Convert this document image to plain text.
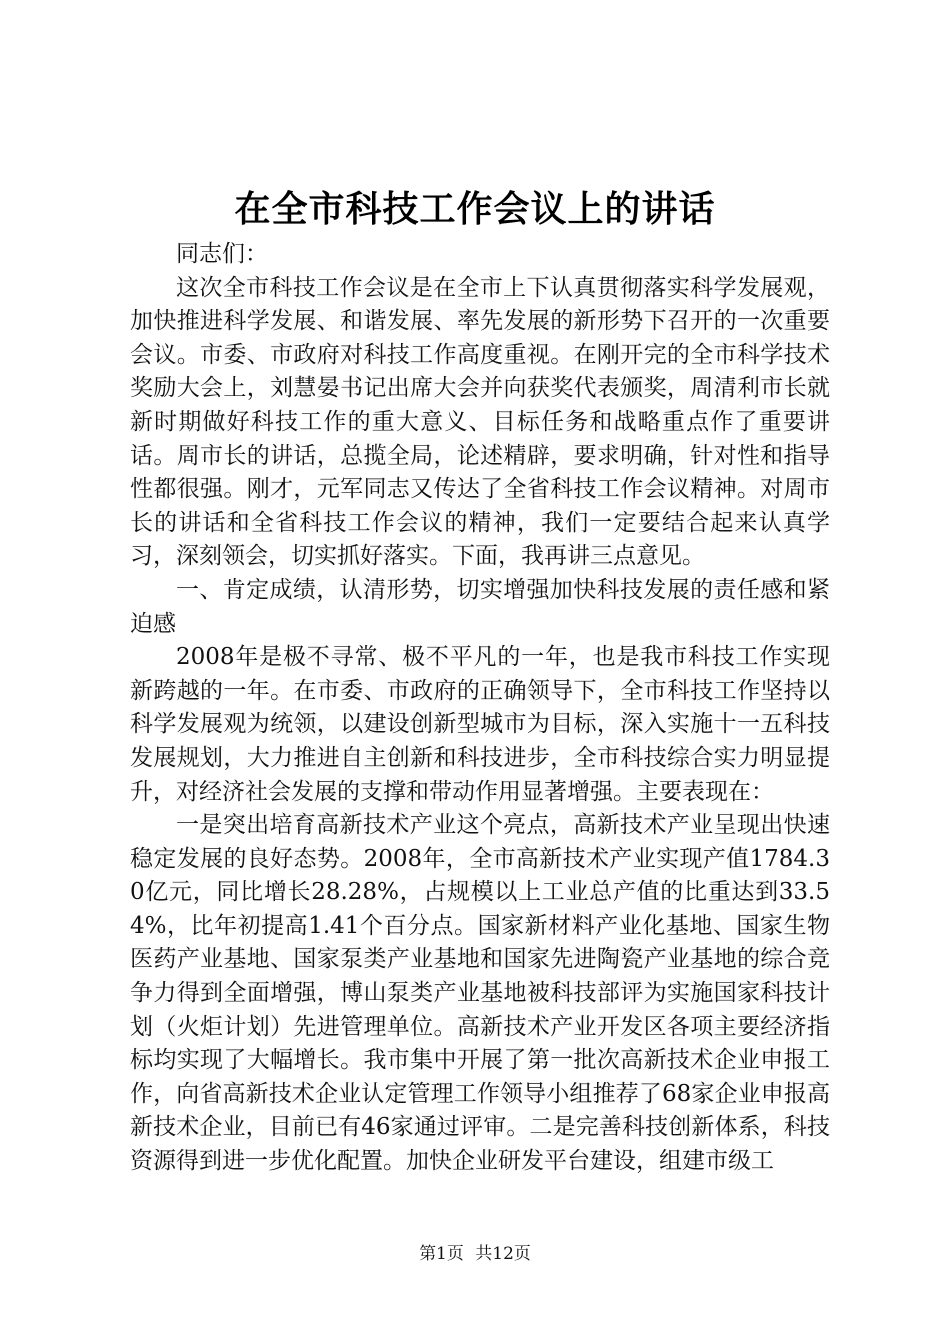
在全市科技工作会议上的讲话

同志们：

这次全市科技工作会议是在全市上下认真贯彻落实科学发展观，加快推进科学发展、和谐发展、率先发展的新形势下召开的一次重要会议。市委、市政府对科技工作高度重视。在刚开完的全市科学技术奖励大会上，刘慧晏书记出席大会并向获奖代表颁奖，周清利市长就新时期做好科技工作的重大意义、目标任务和战略重点作了重要讲话。周市长的讲话，总揽全局，论述精辟，要求明确，针对性和指导性都很强。刚才，元军同志又传达了全省科技工作会议精神。对周市长的讲话和全省科技工作会议的精神，我们一定要结合起来认真学习，深刻领会，切实抓好落实。下面，我再讲三点意见。

一、肯定成绩，认清形势，切实增强加快科技发展的责任感和紧迫感

2008年是极不寻常、极不平凡的一年，也是我市科技工作实现新跨越的一年。在市委、市政府的正确领导下，全市科技工作坚持以科学发展观为统领，以建设创新型城市为目标，深入实施十一五科技发展规划，大力推进自主创新和科技进步，全市科技综合实力明显提升，对经济社会发展的支撑和带动作用显著增强。主要表现在：

一是突出培育高新技术产业这个亮点，高新技术产业呈现出快速稳定发展的良好态势。2008年，全市高新技术产业实现产值1784.30亿元，同比增长28.28%，占规模以上工业总产值的比重达到33.54%，比年初提高1.41个百分点。国家新材料产业化基地、国家生物医药产业基地、国家泵类产业基地和国家先进陶瓷产业基地的综合竞争力得到全面增强，博山泵类产业基地被科技部评为实施国家科技计划（火炬计划）先进管理单位。高新技术产业开发区各项主要经济指标均实现了大幅增长。我市集中开展了第一批次高新技术企业申报工作，向省高新技术企业认定管理工作领导小组推荐了68家企业申报高新技术企业，目前已有46家通过评审。二是完善科技创新体系，科技资源得到进一步优化配置。加快企业研发平台建设，组建市级工

第1页 共12页
